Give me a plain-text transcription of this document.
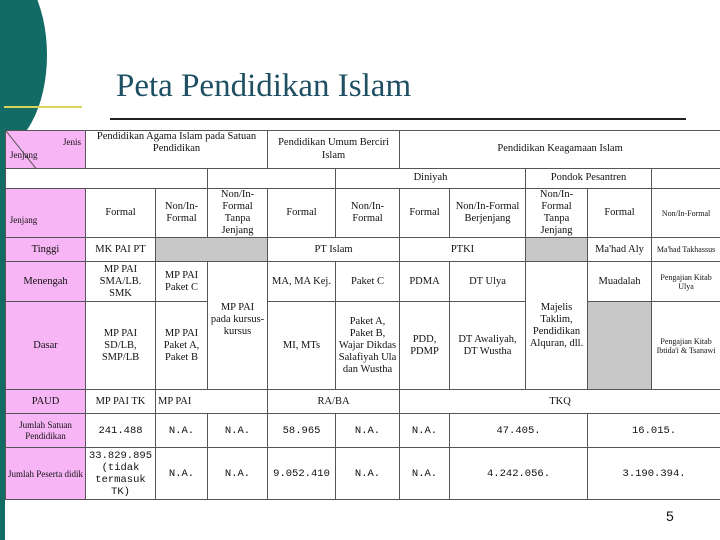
Peta Pendidikan Islam
Jenis
Jenjang	Pendidikan Agama Islam pada Satuan Pendidikan			Pendidikan Umum Berciri Islam		Pendidikan Keagamaan Islam				

					Diniyah			Pondok Pesantren		
Jenjang	Formal	Non/In-Formal	Non/In-Formal Tanpa Jenjang	Formal	Non/In-Formal	Formal	Non/In-Formal Berjenjang	Non/In-Formal Tanpa Jenjang	Formal	Non/In-Formal
Tinggi	MK PAI PT			PT Islam		PTKI			Ma'had Aly	Ma'had Takhassus
Menengah	MP PAI SMA/LB. SMK	MP PAI Paket C	MP PAI pada kursus-kursus	MA, MA Kej.	Paket C	PDMA	DT Ulya	Majelis Taklim, Pendidikan Alquran, dll.	Muadalah	Pengajian Kitab Ulya
Dasar	MP PAI SD/LB, SMP/LB	MP PAI Paket A, Paket B		MI, MTs	Paket A, Paket B, Wajar Dikdas Salafiyah Ula dan Wustha	PDD, PDMP	DT Awaliyah, DT Wustha			Pengajian Kitab Ibtida'i & Tsanawi
PAUD	MP PAI TK	MP PAI		RA/BA		TKQ				
Jumlah Satuan Pendidikan	241.488	N.A.	N.A.	58.965	N.A.	N.A.	47.405.		16.015.	
Jumlah Peserta didik	33.829.895 (tidak termasuk TK)	N.A.	N.A.	9.052.410	N.A.	N.A.	4.242.056.		3.190.394.	
5
